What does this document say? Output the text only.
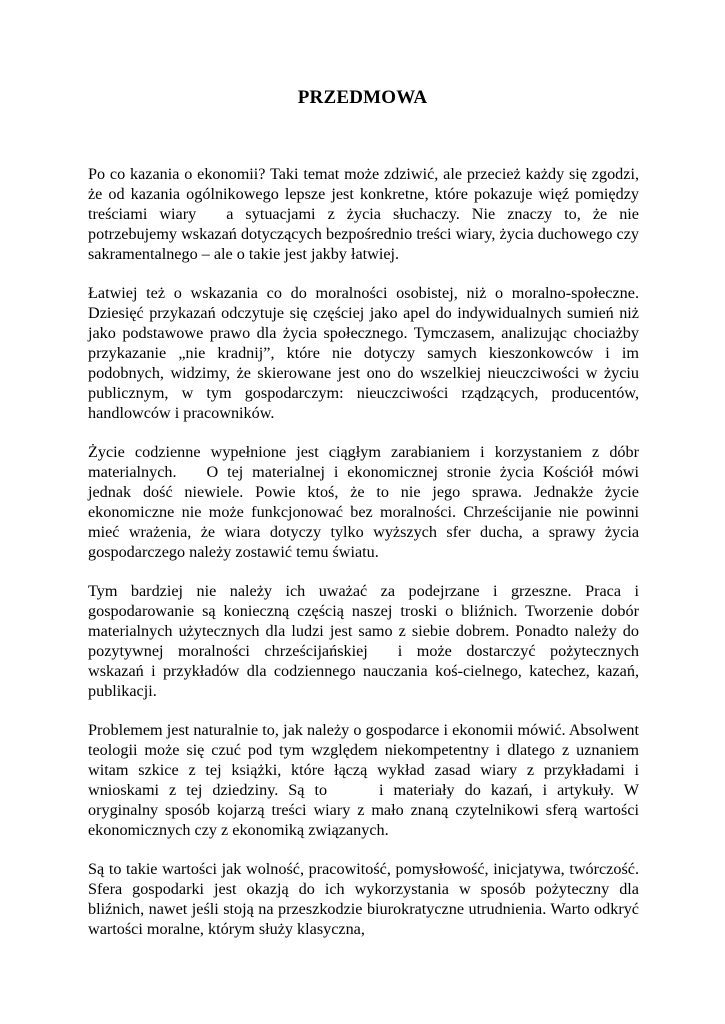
PRZEDMOWA

Po co kazania o ekonomii? Taki temat może zdziwić, ale przecież każdy się zgodzi, że od kazania ogólnikowego lepsze jest konkretne, które pokazuje więź pomiędzy treściami wiary a sytuacjami z życia słuchaczy. Nie znaczy to, że nie potrzebujemy wskazań dotyczących bezpośrednio treści wiary, życia duchowego czy sakramentalnego – ale o takie jest jakby łatwiej.

Łatwiej też o wskazania co do moralności osobistej, niż o moralno-społeczne. Dziesięć przykazań odczytuje się częściej jako apel do indywidualnych sumień niż jako podstawowe prawo dla życia społecznego. Tymczasem, analizując chociażby przykazanie „nie kradnij”, które nie dotyczy samych kieszonkowców i im podobnych, widzimy, że skierowane jest ono do wszelkiej nieuczciwości w życiu publicznym, w tym gospodarczym: nieuczciwości rządzących, producentów, handlowców i pracowników.

Życie codzienne wypełnione jest ciągłym zarabianiem i korzystaniem z dóbr materialnych. O tej materialnej i ekonomicznej stronie życia Kościół mówi jednak dość niewiele. Powie ktoś, że to nie jego sprawa. Jednakże życie ekonomiczne nie może funkcjonować bez moralności. Chrześcijanie nie powinni mieć wrażenia, że wiara dotyczy tylko wyższych sfer ducha, a sprawy życia gospodarczego należy zostawić temu światu.

Tym bardziej nie należy ich uważać za podejrzane i grzeszne. Praca i gospodarowanie są konieczną częścią naszej troski o bliźnich. Tworzenie dobór materialnych użytecznych dla ludzi jest samo z siebie dobrem. Ponadto należy do pozytywnej moralności chrześcijańskiej i może dostarczyć pożytecznych wskazań i przykładów dla codziennego nauczania koś-cielnego, katechez, kazań, publikacji.

Problemem jest naturalnie to, jak należy o gospodarce i ekonomii mówić. Absolwent teologii może się czuć pod tym względem niekompetentny i dlatego z uznaniem witam szkice z tej książki, które łączą wykład zasad wiary z przykładami i wnioskami z tej dziedziny. Są to	i materiały do kazań, i artykuły. W oryginalny sposób kojarzą treści wiary z mało znaną czytelnikowi sferą wartości ekonomicznych czy z ekonomiką związanych.

Są to takie wartości jak wolność, pracowitość, pomysłowość, inicjatywa, twórczość. Sfera gospodarki jest okazją do ich wykorzystania w sposób pożyteczny dla bliźnich, nawet jeśli stoją na przeszkodzie biurokratyczne utrudnienia. Warto odkryć wartości moralne, którym służy klasyczna,
